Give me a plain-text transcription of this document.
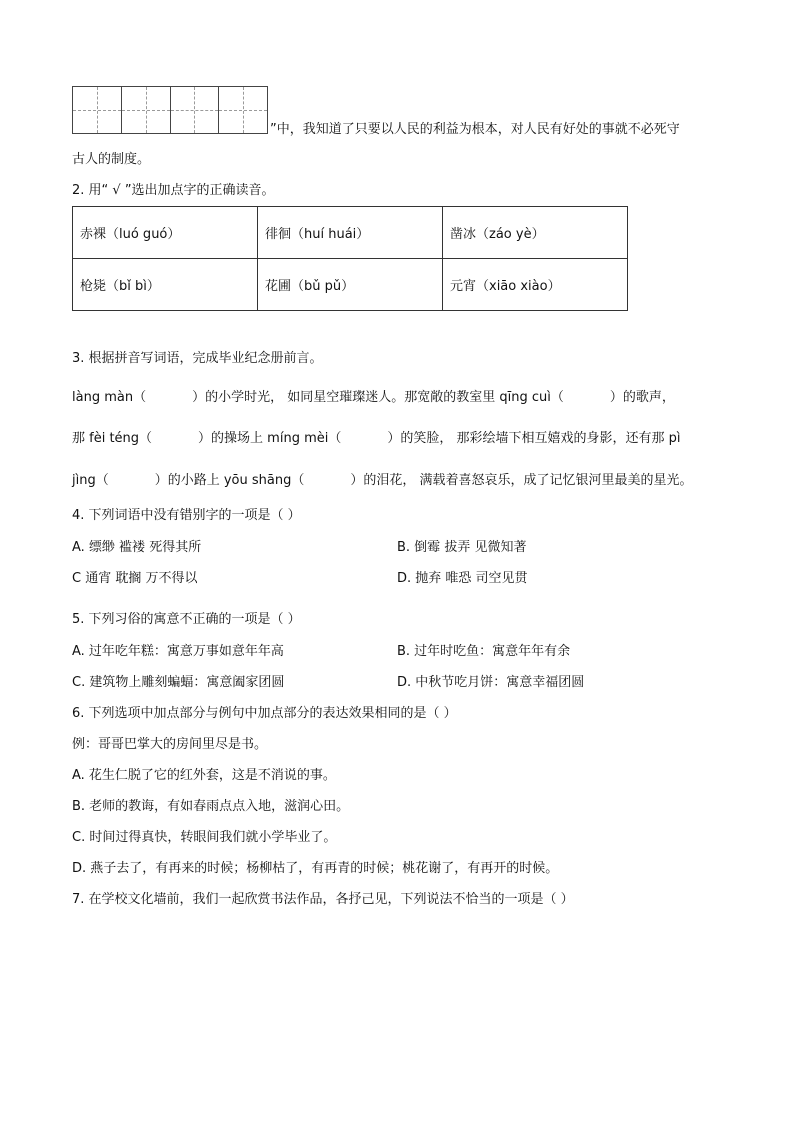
”中，我知道了只要以人民的利益为根本，对人民有好处的事就不必死守
古人的制度。
2. 用“ √ ”选出加点字的正确读音。
赤裸（luó guó）	徘徊（huí huái）	凿冰（záo yè）
枪毙（bǐ bì）	花圃（bǔ pǔ）	元宵（xiāo xiào）
3. 根据拼音写词语，完成毕业纪念册前言。
làng màn（	）的小学时光， 如同星空璀璨迷人。那宽敞的教室里 qīng cuì（	）的歌声，
那 fèi téng（	）的操场上 míng mèi（	）的笑脸， 那彩绘墙下相互嬉戏的身影，还有那 pì
jìng（	）的小路上 yōu shāng（	）的泪花， 满载着喜怒哀乐，成了记忆银河里最美的星光。
4. 下列词语中没有错别字的一项是（ ）
A. 缥缈 褴褛 死得其所	B. 倒霉 拔弄 见微知著
C 通宵 耽搁 万不得以	D. 抛弃 唯恐 司空见贯
5. 下列习俗的寓意不正确的一项是（ ）
A. 过年吃年糕：寓意万事如意年年高	B. 过年时吃鱼：寓意年年有余
C. 建筑物上雕刻蝙蝠：寓意阖家团圆	D. 中秋节吃月饼：寓意幸福团圆
6. 下列选项中加点部分与例句中加点部分的表达效果相同的是（ ）
例：哥哥巴掌大的房间里尽是书。
A. 花生仁脱了它的红外套，这是不消说的事。
B. 老师的教诲，有如春雨点点入地，滋润心田。
C. 时间过得真快，转眼间我们就小学毕业了。
D. 燕子去了，有再来的时候；杨柳枯了，有再青的时候；桃花谢了，有再开的时候。
7. 在学校文化墙前，我们一起欣赏书法作品，各抒己见，下列说法不恰当的一项是（ ）
